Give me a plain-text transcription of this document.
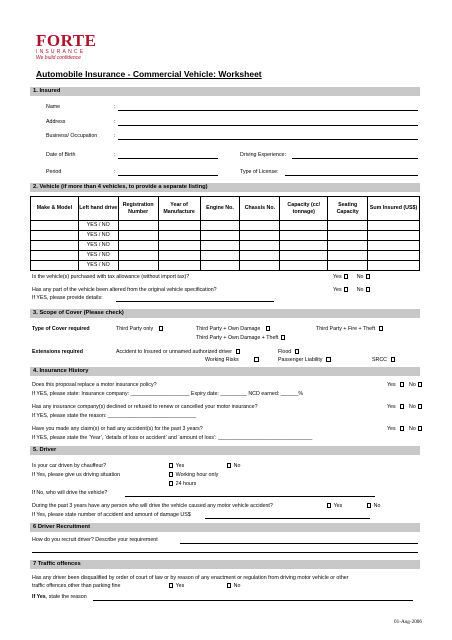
FORTE
INSURANCE
We build confidence
Automobile Insurance - Commercial Vehicle: Worksheet
1. Insured
Name	:
Address	:
Business/ Occupation	:
Date of Birth	:	Driving Experience:
Period	:	Type of License:
2. Vehicle (if more than 4 vehicles, to provide a separate listing)
Make & Model	Left hand drive	Registration Number	Year of Manufacture	Engine No.	Chassis No.	Capacity (cc/ tonnage)	Seating Capacity	Sum Insured (US$)
	YES / NO							
	YES / NO							
	YES / NO							
	YES / NO							
	YES / NO							
Is the vehicle(s) purchased with tax allowance (without import tax)?	Yes	No
Has any part of the vehicle been altered from the original vehicle specification?	Yes	No
If YES, please provide details:
3. Scope of Cover (Please check)
Type of Cover required	Third Party only	Third Party + Own Damage	Third Party + Fire + Theft
Third Party + Own Damage + Theft
Extensions required	Accident to Insured or unnamed authorized driver	Flood
Working Risks	Passenger Liability	SRCC
4. Insurance History
Does this proposal replace a motor insurance policy?	Yes	No
If YES, please state: Insurance company: ____________________ Expiry date: _________ NCD earned: ______%
Has any insurance company(s) declined or refused to renew or cancelled your motor insurance?	Yes	No
If YES, please state the reason: ______________________________
Have you made any claim(s) or had any accident(s) for the past 3 years?	Yes	No
If YES, please state the ‘Year’, ‘details of loss or accident’ and ‘amount of loss’: ________________________________
5. Driver
Is your car driven by chauffeur?	Yes	No
If Yes, please give us driving situation	Working hour only
24 hours
If No, who will drive the vehicle?
During the past 3 years have any person who will drive the vehicle caused any motor vehicle accident?	Yes	No
If Yes, please state number of accident and amount of damage US$
6 Driver Recruitment
How do you recruit driver? Describe your requirement
7 Traffic offences
Has any driver been disqualified by order of court of law or by reason of any enactment or regulation from driving motor vehicle or other
traffic offences other than parking fine	Yes	No
If Yes, state the reason
01-Aug-2006
